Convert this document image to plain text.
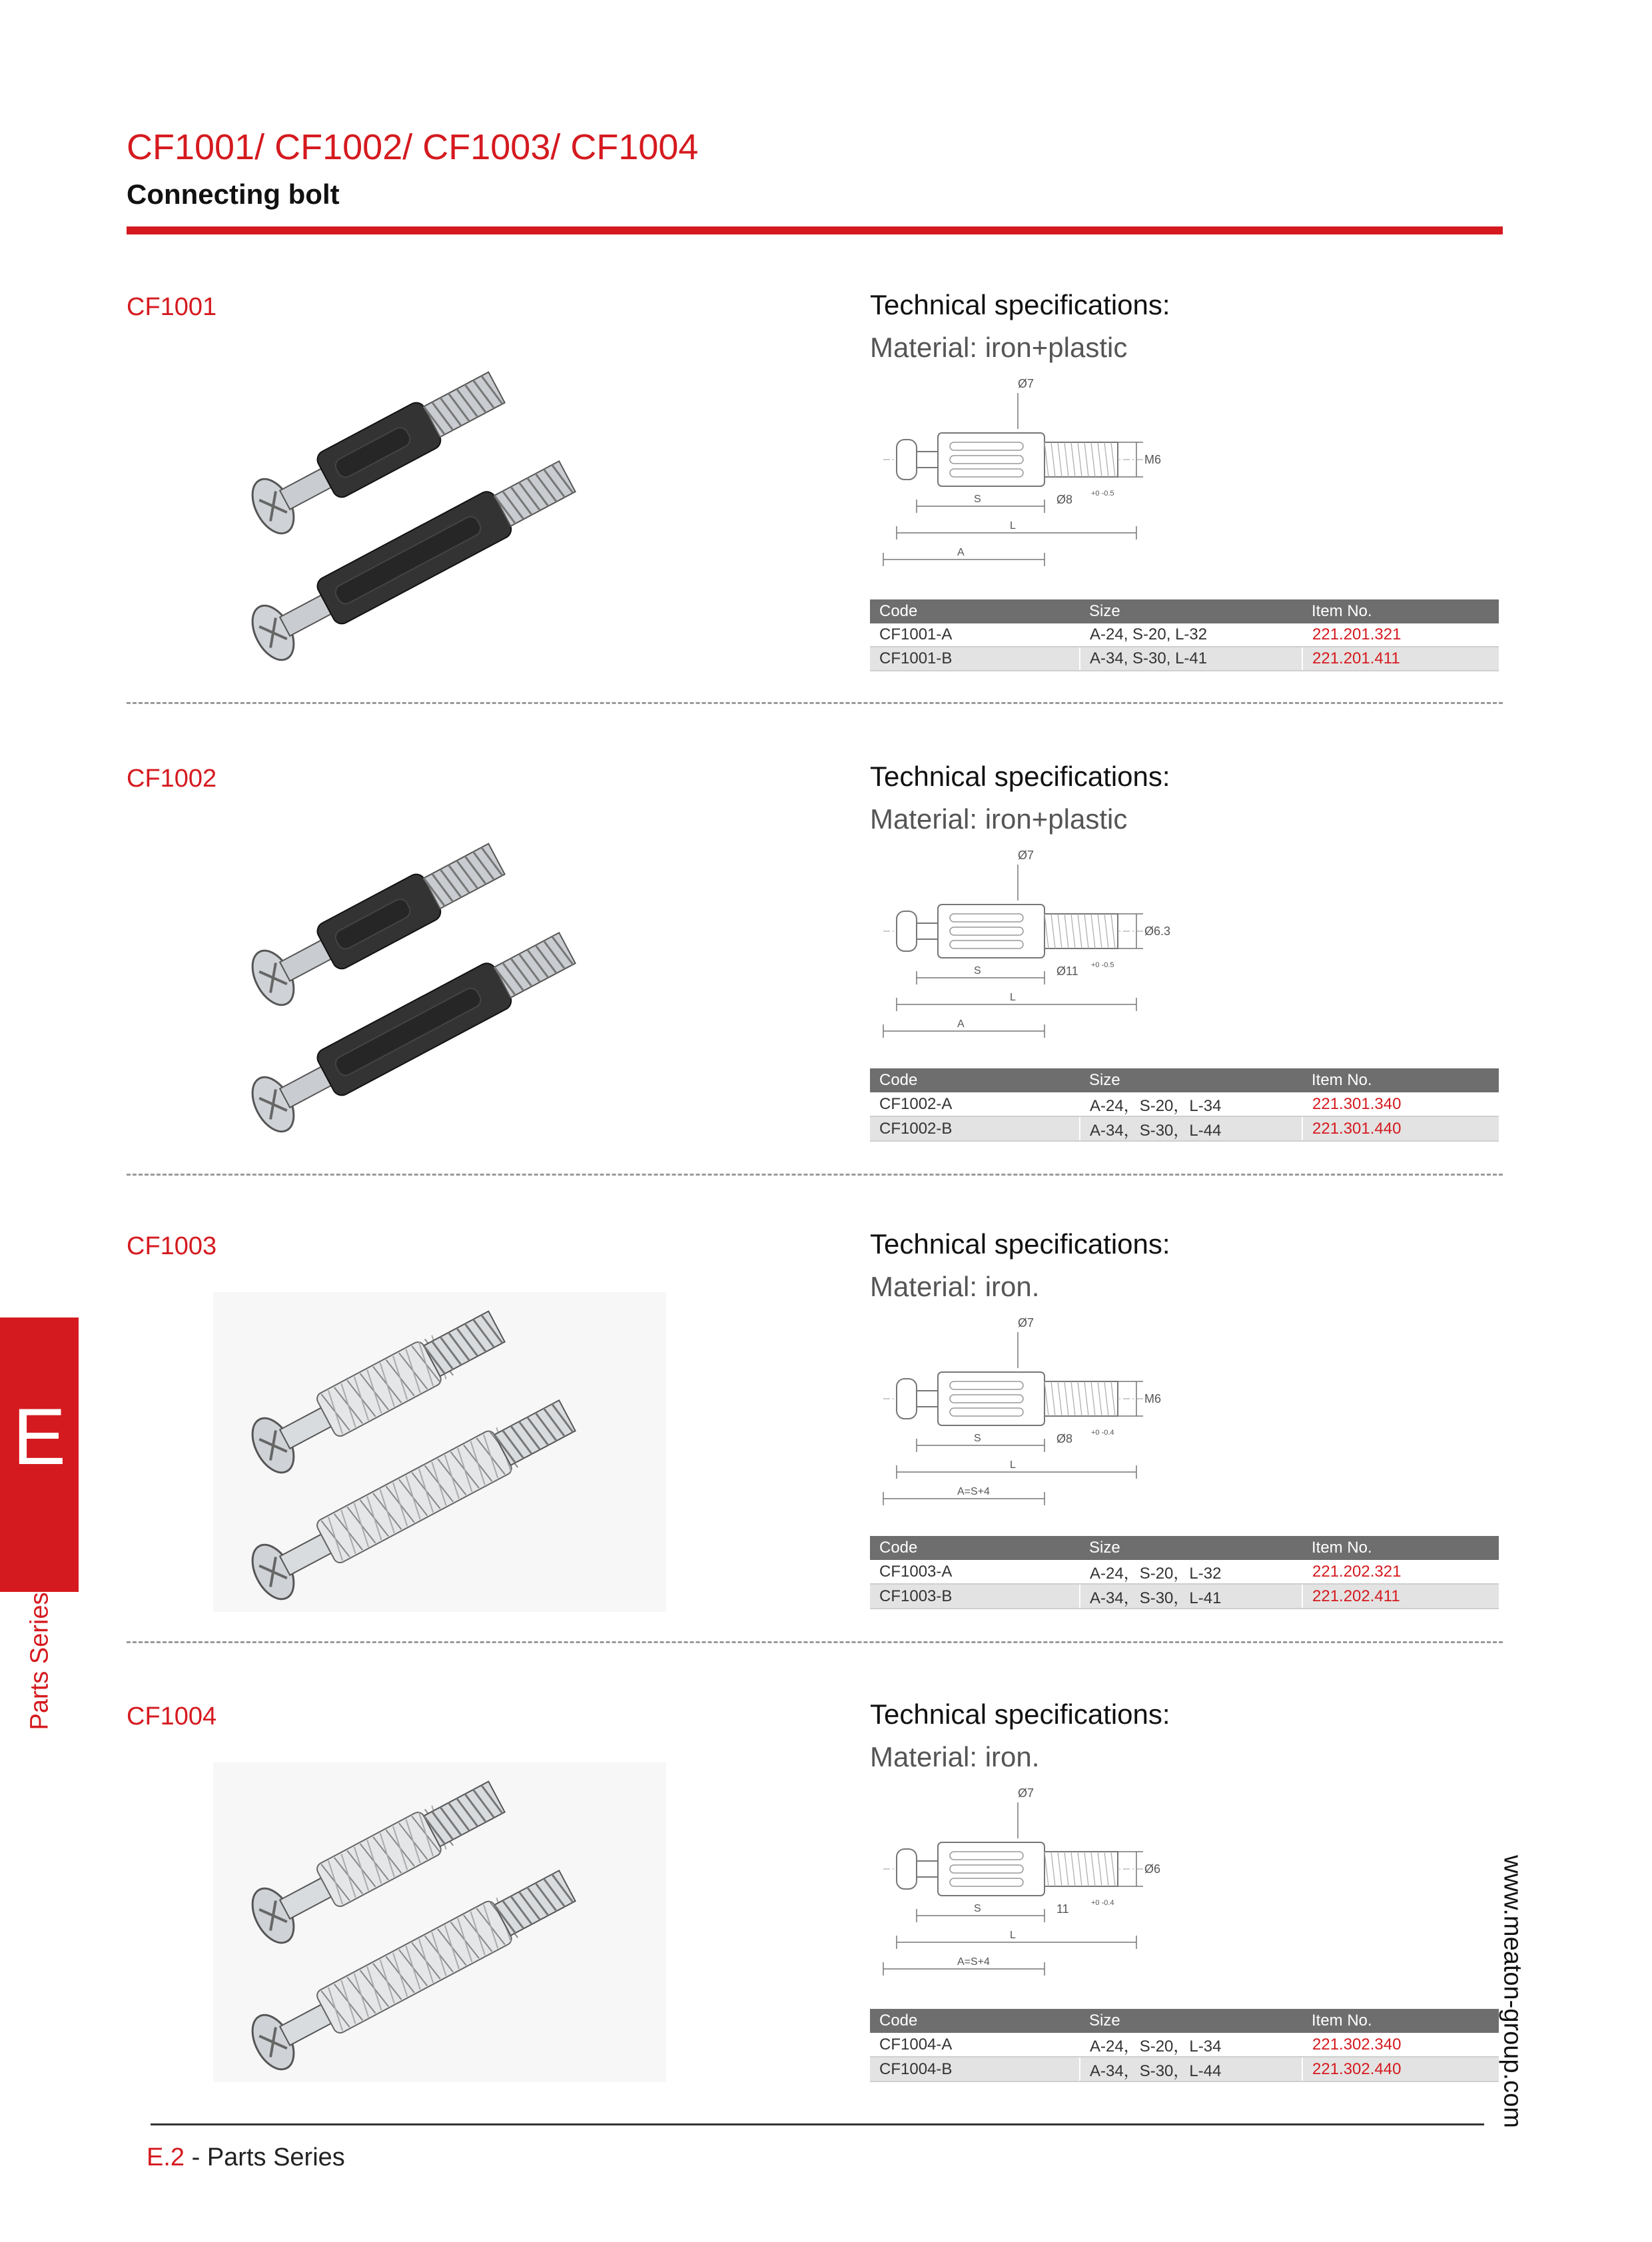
CF1001/ CF1002/ CF1003/ CF1004
Connecting bolt
CF1001	Technical specifications:
Material: iron+plastic
Ø7
M6
S
L
A
Ø8	+0 -0.5
Code	Size	Item No.
CF1001-A	A-24, S-20, L-32	221.201.321
CF1001-B	A-34, S-30, L-41	221.201.411
CF1002	Technical specifications:
Material: iron+plastic
Ø7
Ø6.3
S
L
A
Ø11 +0 -0.5
Code	Size	Item No.
CF1002-A	A-24，S-20，L-34	221.301.340
CF1002-B	A-34，S-30，L-44	221.301.440
CF1003	Technical specifications:
Material: iron.
Ø7
M6
S
L
A=S+4
Ø8	+0 -0.4
Code	Size	Item No.
CF1003-A	A-24，S-20，L-32	221.202.321
CF1003-B	A-34，S-30，L-41	221.202.411
CF1004	Technical specifications:
Material: iron.
Ø7
Ø6
S
L
A=S+4
11	+0 -0.4
Code	Size	Item No.
CF1004-A	A-24，S-20，L-34	221.302.340
CF1004-B	A-34，S-30，L-44	221.302.440
E
Parts Series
www.meaton-group.com
E.2 - Parts Series
